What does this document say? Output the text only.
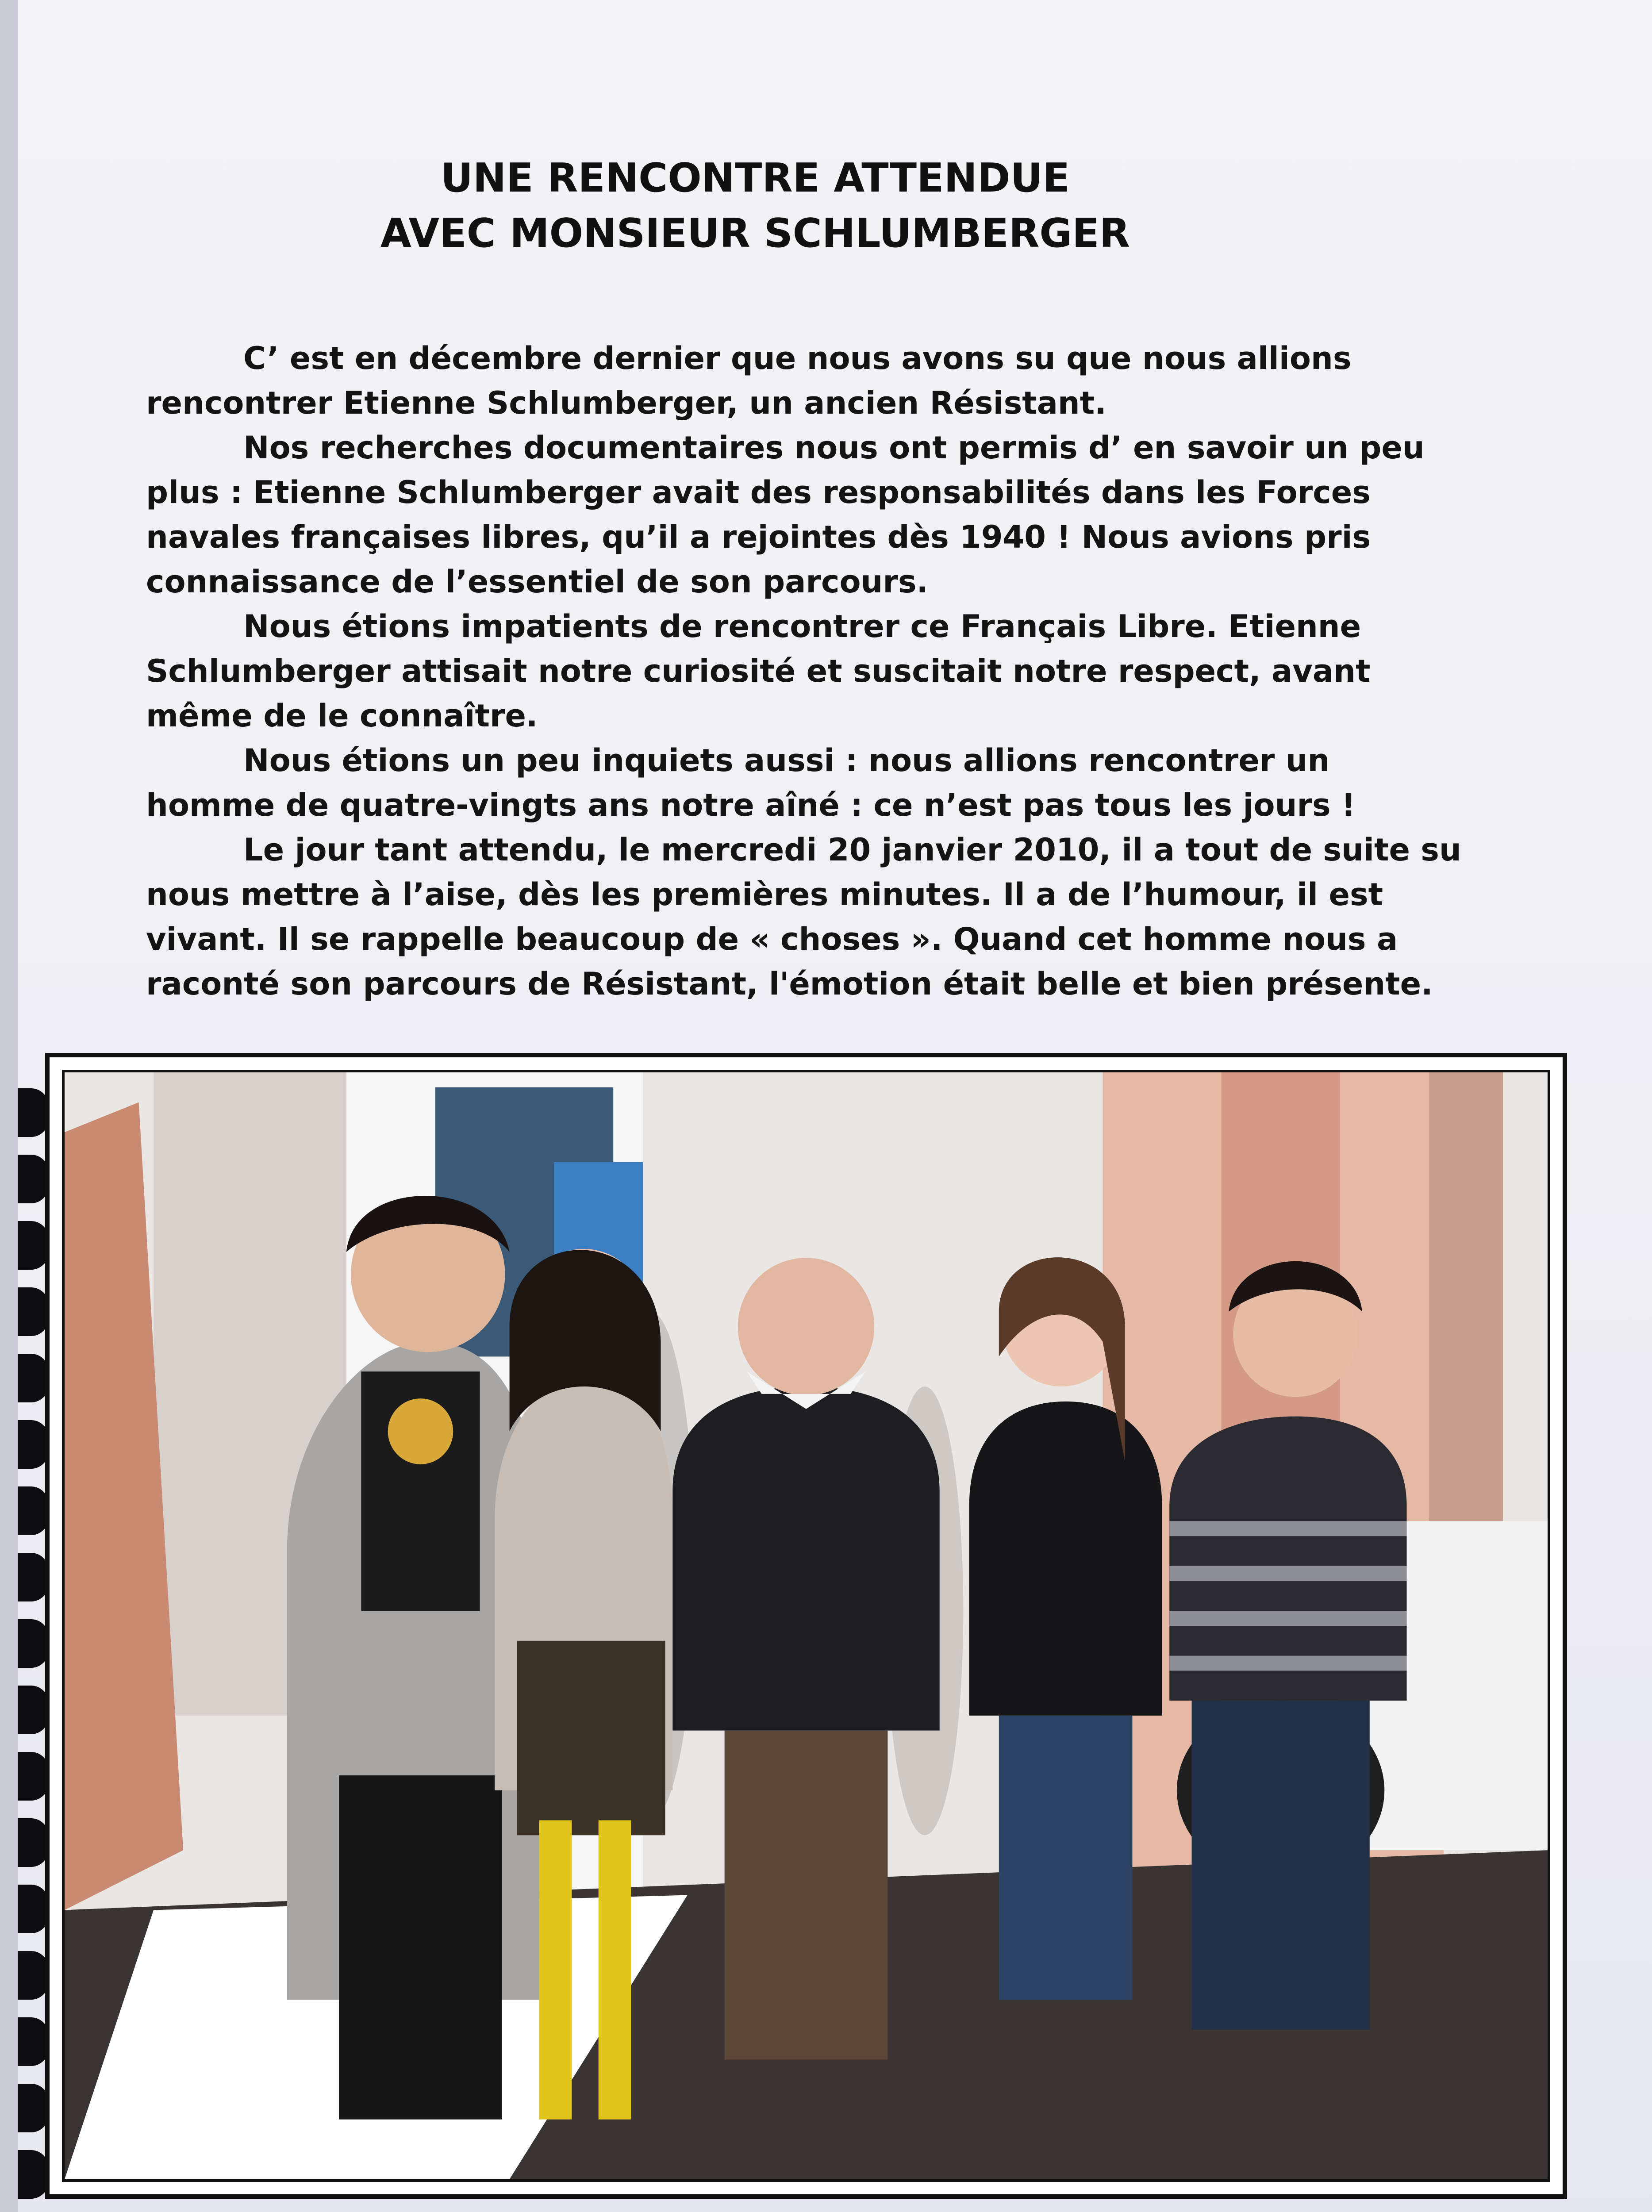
UNE RENCONTRE ATTENDUE
AVEC MONSIEUR SCHLUMBERGER

C’ est en décembre dernier que nous avons su que nous allions rencontrer Etienne Schlumberger, un ancien Résistant.

Nos recherches documentaires nous ont permis d’ en savoir un peu plus : Etienne Schlumberger avait des responsabilités dans les Forces navales françaises libres, qu’il a rejointes dès 1940 ! Nous avions pris connaissance de l’essentiel de son parcours.

Nous étions impatients de rencontrer ce Français Libre. Etienne Schlumberger attisait notre curiosité et suscitait notre respect, avant même de le connaître.

Nous étions un peu inquiets aussi : nous allions rencontrer un homme de quatre-vingts ans notre aîné : ce n’est pas tous les jours !

Le jour tant attendu, le mercredi 20 janvier 2010, il a tout de suite su nous mettre à l’aise, dès les premières minutes. Il a de l’humour, il est vivant. Il se rappelle beaucoup de « choses ». Quand cet homme nous a raconté son parcours de Résistant, l'émotion était belle et bien présente.
